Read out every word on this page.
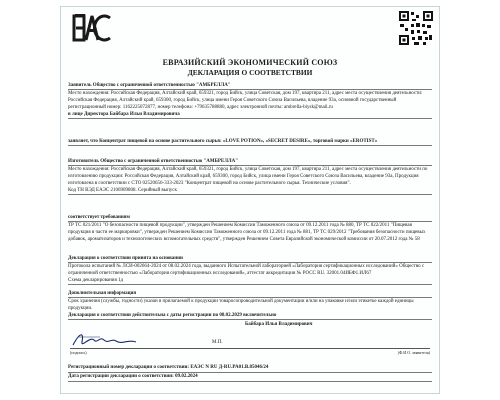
ЕВРАЗИЙСКИЙ ЭКОНОМИЧЕСКИЙ СОЮЗ
ДЕКЛАРАЦИЯ О СООТВЕТСТВИИ
Заявитель Общество с ограниченной ответственностью "АМБРЕЛЛА"
Место нахождения: Российская Федерация, Алтайский край, 659321, город Бийск, улица Советская, дом 197, квартира 211, адрес места осуществления деятельности: Российская Федерация, Алтайский край, 659300, город Бийск, улица имени Героя Советского Союза Васильева, владение 93а, основной государственный регистрационный номер: 1162225072877, номер телефона: +79635788880, адрес электронной почты: ambrella-biysk@mail.ru
в лице Директора Байбара Ильи Владимировича
заявляет, что Концентрат пищевой на основе растительного сырья: «LOVE POTION», «SECRET DESIRE», торговой марки «EROTIST»
Изготовитель Общество с ограниченной ответственностью "АМБРЕЛЛА"
Место нахождения: Российская Федерация, Алтайский край, 659321, город Бийск, улица Советская, дом 197, квартира 211, адрес места осуществления деятельности по изготовлению продукции: Российская Федерация, Алтайский край, 659300, город Бийск, улица имени Героя Советского Союза Васильева, владение 93а, Продукция изготовлена в соответствии с СТО 02520656-333-2023 "Концентрат пищевой на основе растительного сырья. Технические условия".
Код ТН ВЭД ЕАЭС 2106909808. Серийный выпуск
соответствует требованиям
ТР ТС 021/2011 "О безопасности пищевой продукции", утвержден Решением Комиссии Таможенного союза от 09.12.2011 года № 880, ТР ТС 022/2011 "Пищевая продукция в части ее маркировки", утвержден Решением Комиссии Таможенного союза от 09.12.2011 года № 881, ТР ТС 029/2012 "Требования безопасности пищевых добавок, ароматизаторов и технологических вспомогательных средств", утвержден Решением Совета Евразийской экономической комиссии от 20.07.2012 года № 58
Декларация о соответствии принята на основании
Протокола испытаний № ЛСИ-002664-2024 от 08.02.2024 года, выданного Испытательной лабораторией «Лаборатория сертификационных исследований» Общество с ограниченной ответственностью «Лаборатория сертификационных исследований», аттестат аккредитации № РОСС RU. 32001.04ИБФ1.ИЛ67
Схема декларирования 1д
Дополнительная информация
Срок хранения (службы, годности) указан в прилагаемой к продукции товаросопроводительной документации и/или на упаковке и/или этикетке каждой единицы продукции.
Декларация о соответствии действительна с даты регистрации по 08.02.2029 включительно
Байбара Илья Владимирович
М.П.
(подпись)	(Ф.И.О. заявителя)
Регистрационный номер декларации о соответствии: ЕАЭС N RU Д-RU.PA01.B.85046/24
Дата регистрации декларации о соответствии: 09.02.2024
